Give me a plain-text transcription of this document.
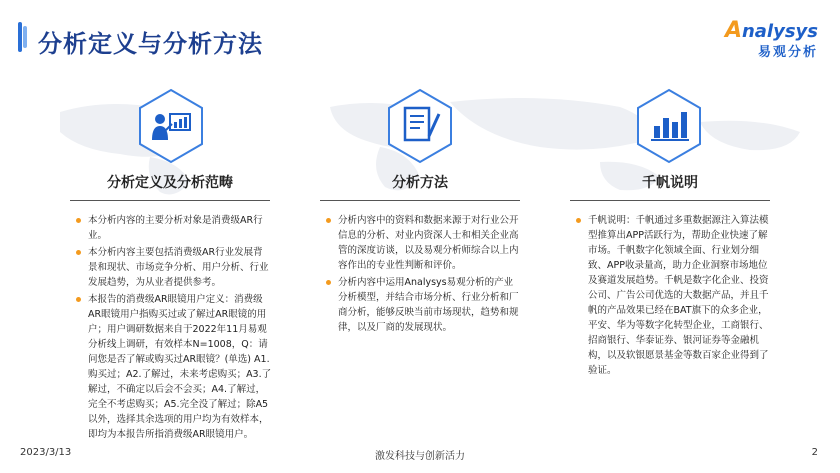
分析定义与分析方法	Analysys
易观分析
分析定义及分析范畴	分析方法	千帆说明
本分析内容的主要分析对象是消费级AR行业。
本分析内容主要包括消费级AR行业发展背景和现状、市场竞争分析、用户分析、行业发展趋势，为从业者提供参考。
本报告的消费级AR眼镜用户定义：消费级AR眼镜用户指购买过或了解过AR眼镜的用户；用户调研数据来自于2022年11月易观分析线上调研，有效样本N=1008，Q：请问您是否了解或购买过AR眼镜？(单选) A1.购买过；A2.了解过，未来考虑购买；A3.了解过，不确定以后会不会买；A4.了解过，完全不考虑购买；A5.完全没了解过；除A5以外，选择其余选项的用户均为有效样本，即均为本报告所指消费级AR眼镜用户。
分析内容中的资料和数据来源于对行业公开信息的分析、对业内资深人士和相关企业高管的深度访谈，以及易观分析师综合以上内容作出的专业性判断和评价。
分析内容中运用Analysys易观分析的产业分析模型，并结合市场分析、行业分析和厂商分析，能够反映当前市场现状，趋势和规律，以及厂商的发展现状。
千帆说明：千帆通过多重数据源注入算法模型推算出APP活跃行为，帮助企业快速了解市场。千帆数字化领域全面、行业划分细致、APP收录量高，助力企业洞察市场地位及赛道发展趋势。千帆是数字化企业、投资公司、广告公司优选的大数据产品，并且千帆的产品效果已经在BAT旗下的众多企业，平安、华为等数字化转型企业，工商银行、招商银行、华泰证券、银河证券等金融机构，以及软银愿景基金等数百家企业得到了验证。
2023/3/13	激发科技与创新活力	2
